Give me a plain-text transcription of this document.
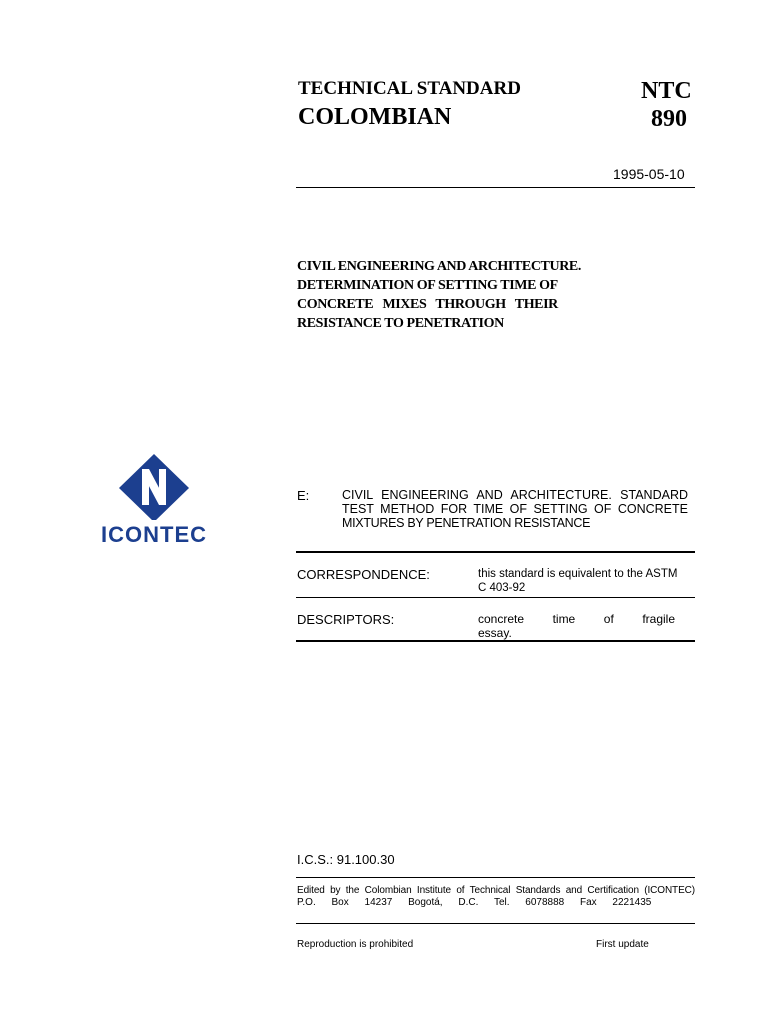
TECHNICAL STANDARD
COLOMBIAN
NTC
890
1995-05-10
CIVIL ENGINEERING AND ARCHITECTURE.
DETERMINATION OF SETTING TIME OF
CONCRETE   MIXES   THROUGH   THEIR
RESISTANCE TO PENETRATION
ICONTEC
E:	CIVIL ENGINEERING AND ARCHITECTURE. STANDARD
TEST METHOD FOR TIME OF SETTING OF CONCRETE
MIXTURES BY PENETRATION RESISTANCE
CORRESPONDENCE:	this standard is equivalent to the ASTM
C 403-92
DESCRIPTORS:	concrete time of fragile
essay.
I.C.S.: 91.100.30
Edited by the Colombian Institute of Technical Standards and Certification (ICONTEC)
P.O. Box 14237 Bogotá, D.C. Tel. 6078888 Fax 2221435
Reproduction is prohibited	First update
